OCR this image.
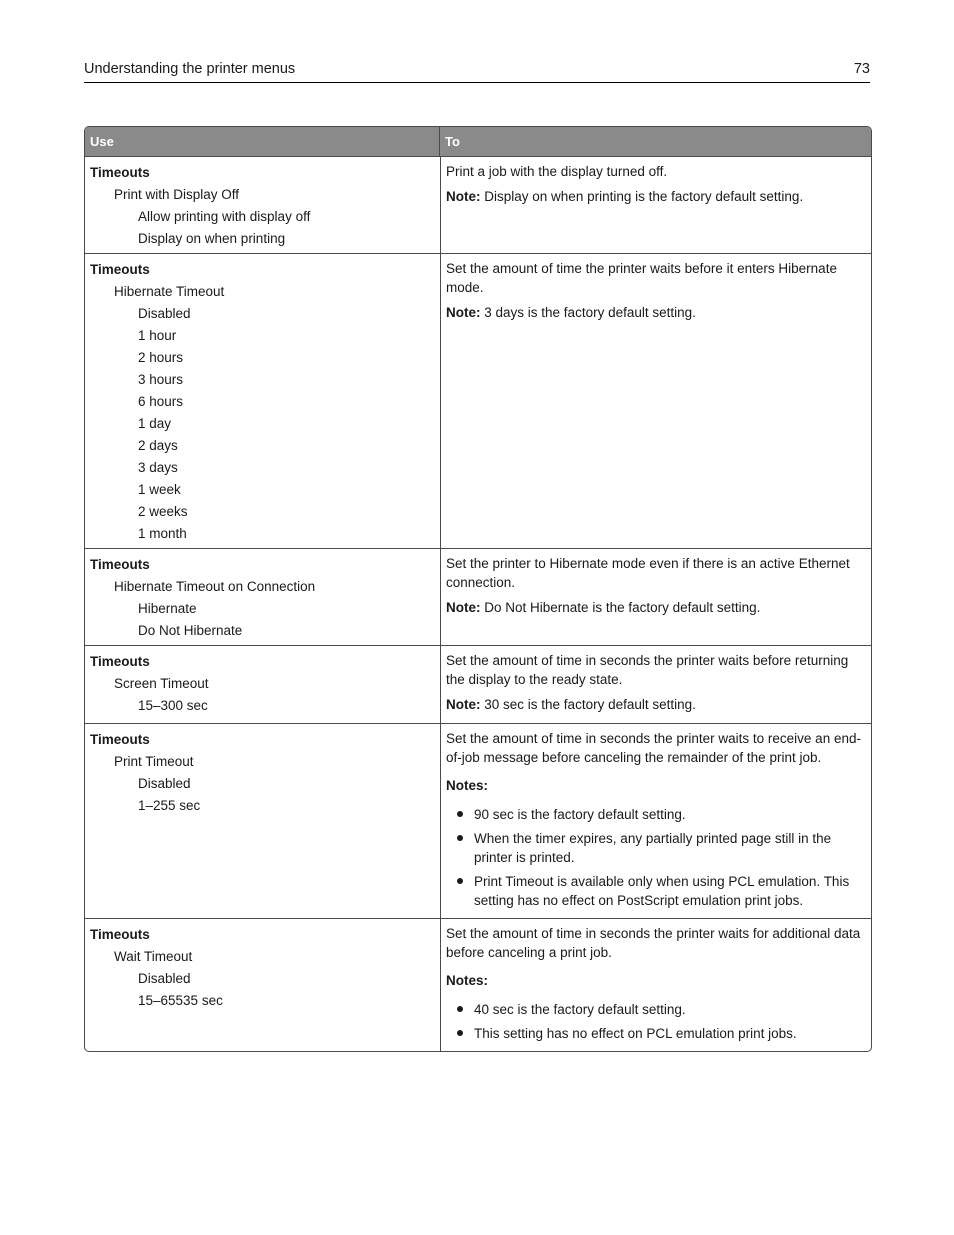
Understanding the printer menus	73
Use	To
Timeouts
Print with Display Off
Allow printing with display off
Display on when printing

Print a job with the display turned off.

Note: Display on when printing is the factory default setting.

Timeouts
Hibernate Timeout
Disabled
1 hour
2 hours
3 hours
6 hours
1 day
2 days
3 days
1 week
2 weeks
1 month

Set the amount of time the printer waits before it enters Hibernate mode.

Note: 3 days is the factory default setting.

Timeouts
Hibernate Timeout on Connection
Hibernate
Do Not Hibernate

Set the printer to Hibernate mode even if there is an active Ethernet connection.

Note: Do Not Hibernate is the factory default setting.

Timeouts
Screen Timeout
15–300 sec

Set the amount of time in seconds the printer waits before returning the display to the ready state.

Note: 30 sec is the factory default setting.

Timeouts
Print Timeout
Disabled
1–255 sec

Set the amount of time in seconds the printer waits to receive an end-of-job message before canceling the remainder of the print job.

Notes:
90 sec is the factory default setting.
When the timer expires, any partially printed page still in the printer is printed.
Print Timeout is available only when using PCL emulation. This setting has no effect on PostScript emulation print jobs.
Timeouts
Wait Timeout
Disabled
15–65535 sec

Set the amount of time in seconds the printer waits for additional data before canceling a print job.

Notes:
40 sec is the factory default setting.
This setting has no effect on PCL emulation print jobs.
